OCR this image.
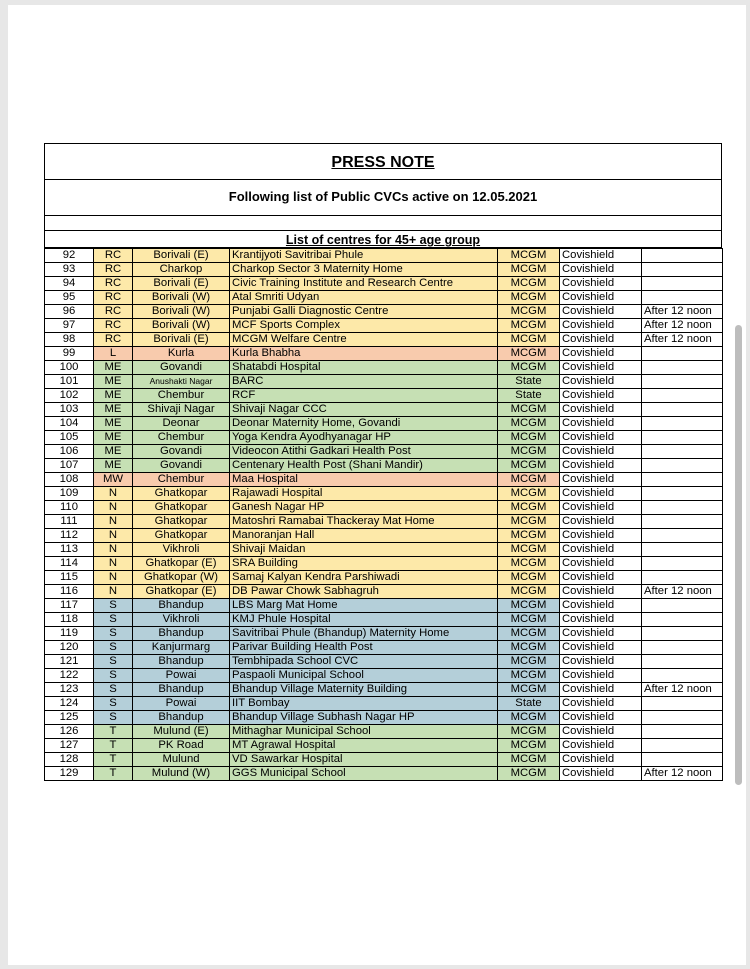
PRESS NOTE
Following list of Public CVCs active on 12.05.2021
List of centres for 45+ age group
92	RC	Borivali (E)	Krantijyoti Savitribai Phule	MCGM	Covishield	
93	RC	Charkop	Charkop Sector 3 Maternity Home	MCGM	Covishield	
94	RC	Borivali (E)	Civic Training Institute and Research Centre	MCGM	Covishield	
95	RC	Borivali (W)	Atal Smriti Udyan	MCGM	Covishield	
96	RC	Borivali (W)	Punjabi Galli Diagnostic Centre	MCGM	Covishield	After 12 noon
97	RC	Borivali (W)	MCF Sports Complex	MCGM	Covishield	After 12 noon
98	RC	Borivali (E)	MCGM Welfare Centre	MCGM	Covishield	After 12 noon
99	L	Kurla	Kurla Bhabha	MCGM	Covishield	
100	ME	Govandi	Shatabdi Hospital	MCGM	Covishield	
101	ME	Anushakti Nagar	BARC	State	Covishield	
102	ME	Chembur	RCF	State	Covishield	
103	ME	Shivaji Nagar	Shivaji Nagar CCC	MCGM	Covishield	
104	ME	Deonar	Deonar Maternity Home, Govandi	MCGM	Covishield	
105	ME	Chembur	Yoga Kendra Ayodhyanagar HP	MCGM	Covishield	
106	ME	Govandi	Videocon Atithi Gadkari Health Post	MCGM	Covishield	
107	ME	Govandi	Centenary Health Post (Shani Mandir)	MCGM	Covishield	
108	MW	Chembur	Maa Hospital	MCGM	Covishield	
109	N	Ghatkopar	Rajawadi Hospital	MCGM	Covishield	
110	N	Ghatkopar	Ganesh Nagar HP	MCGM	Covishield	
111	N	Ghatkopar	Matoshri Ramabai Thackeray Mat Home	MCGM	Covishield	
112	N	Ghatkopar	Manoranjan Hall	MCGM	Covishield	
113	N	Vikhroli	Shivaji Maidan	MCGM	Covishield	
114	N	Ghatkopar (E)	SRA Building	MCGM	Covishield	
115	N	Ghatkopar (W)	Samaj Kalyan Kendra Parshiwadi	MCGM	Covishield	
116	N	Ghatkopar (E)	DB Pawar Chowk Sabhagruh	MCGM	Covishield	After 12 noon
117	S	Bhandup	LBS Marg Mat Home	MCGM	Covishield	
118	S	Vikhroli	KMJ Phule Hospital	MCGM	Covishield	
119	S	Bhandup	Savitribai Phule (Bhandup) Maternity Home	MCGM	Covishield	
120	S	Kanjurmarg	Parivar Building Health Post	MCGM	Covishield	
121	S	Bhandup	Tembhipada School CVC	MCGM	Covishield	
122	S	Powai	Paspaoli Municipal School	MCGM	Covishield	
123	S	Bhandup	Bhandup Village Maternity Building	MCGM	Covishield	After 12 noon
124	S	Powai	IIT Bombay	State	Covishield	
125	S	Bhandup	Bhandup Village Subhash Nagar HP	MCGM	Covishield	
126	T	Mulund (E)	Mithaghar Municipal School	MCGM	Covishield	
127	T	PK Road	MT Agrawal Hospital	MCGM	Covishield	
128	T	Mulund	VD Sawarkar Hospital	MCGM	Covishield	
129	T	Mulund (W)	GGS Municipal School	MCGM	Covishield	After 12 noon
